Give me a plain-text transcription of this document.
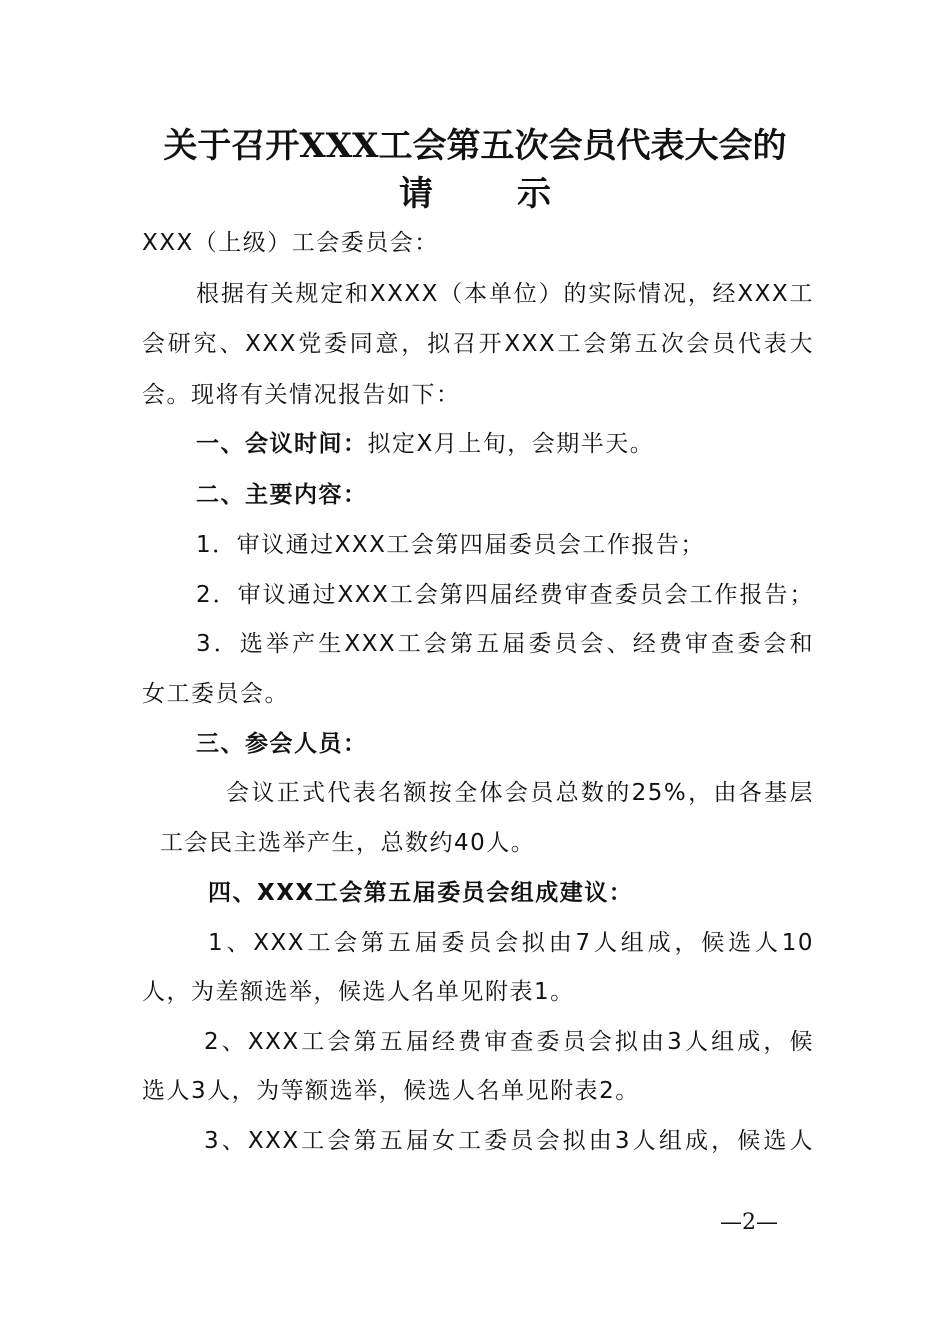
关于召开XXX工会第五次会员代表大会的
请示
XXX（上级）工会委员会：
根据有关规定和XXXX（本单位）的实际情况，经XXX工
会研究、XXX党委同意，拟召开XXX工会第五次会员代表大
会。现将有关情况报告如下：
一、会议时间：拟定X月上旬，会期半天。
二、主要内容：
1．审议通过XXX工会第四届委员会工作报告；
2．审议通过XXX工会第四届经费审查委员会工作报告；
3．选举产生XXX工会第五届委员会、经费审查委会和
女工委员会。
三、参会人员：
会议正式代表名额按全体会员总数的25%，由各基层
工会民主选举产生，总数约40人。
四、XXX工会第五届委员会组成建议：
1、XXX工会第五届委员会拟由7人组成，候选人10
人，为差额选举，候选人名单见附表1。
2、XXX工会第五届经费审查委员会拟由3人组成，候
选人3人，为等额选举，候选人名单见附表2。
3、XXX工会第五届女工委员会拟由3人组成，候选人
—2—
